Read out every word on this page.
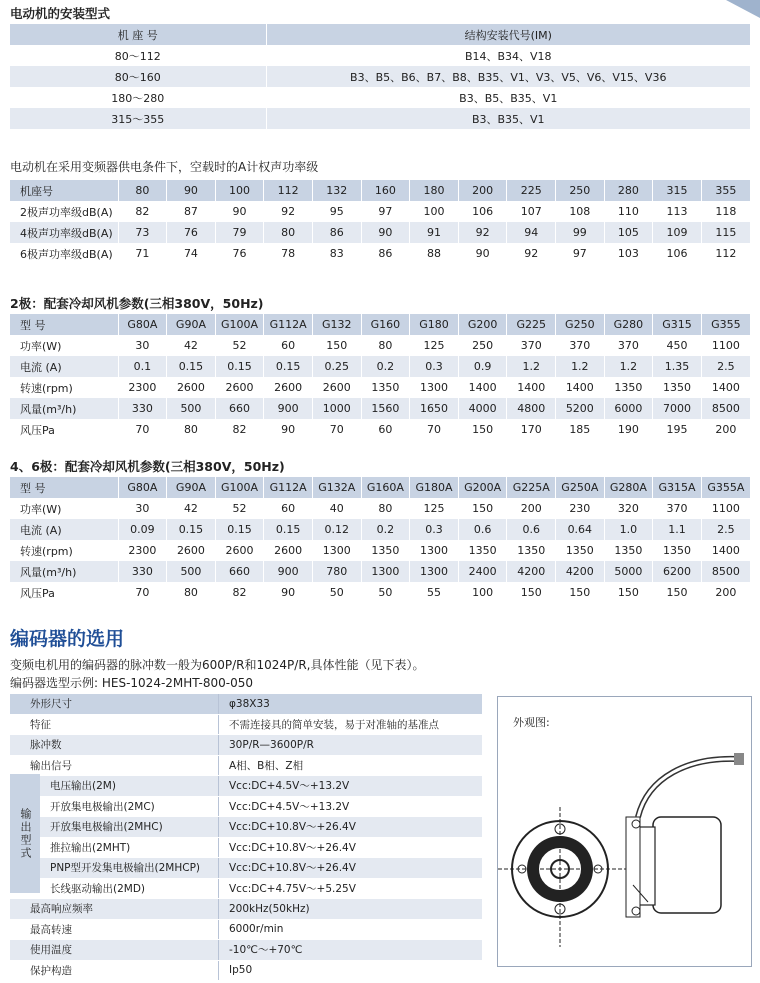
电动机的安装型式
机 座 号	结构安装代号(IM)
80～112	B14、B34、V18
80～160	B3、B5、B6、B7、B8、B35、V1、V3、V5、V6、V15、V36
180～280	B3、B5、B35、V1
315～355	B3、B35、V1
电动机在采用变频器供电条件下，空载时的A计权声功率级
机座号	80	90	100	112	132	160	180	200	225	250	280	315	355
2极声功率级dB(A)	82	87	90	92	95	97	100	106	107	108	110	113	118
4极声功率级dB(A)	73	76	79	80	86	90	91	92	94	99	105	109	115
6极声功率级dB(A)	71	74	76	78	83	86	88	90	92	97	103	106	112
2极：配套冷却风机参数(三相380V，50Hz)
型 号	G80A	G90A	G100A	G112A	G132	G160	G180	G200	G225	G250	G280	G315	G355
功率(W)	30	42	52	60	150	80	125	250	370	370	370	450	1100
电流 (A)	0.1	0.15	0.15	0.15	0.25	0.2	0.3	0.9	1.2	1.2	1.2	1.35	2.5
转速(rpm)	2300	2600	2600	2600	2600	1350	1300	1400	1400	1400	1350	1350	1400
风量(m³/h)	330	500	660	900	1000	1560	1650	4000	4800	5200	6000	7000	8500
风压Pa	70	80	82	90	70	60	70	150	170	185	190	195	200
4、6极：配套冷却风机参数(三相380V，50Hz)
型 号	G80A	G90A	G100A	G112A	G132A	G160A	G180A	G200A	G225A	G250A	G280A	G315A	G355A
功率(W)	30	42	52	60	40	80	125	150	200	230	320	370	1100
电流 (A)	0.09	0.15	0.15	0.15	0.12	0.2	0.3	0.6	0.6	0.64	1.0	1.1	2.5
转速(rpm)	2300	2600	2600	2600	1300	1350	1300	1350	1350	1350	1350	1350	1400
风量(m³/h)	330	500	660	900	780	1300	1300	2400	4200	4200	5000	6200	8500
风压Pa	70	80	82	90	50	50	55	100	150	150	150	150	200
编码器的选用
变频电机用的编码器的脉冲数一般为600P/R和1024P/R,具体性能（见下表）。
编码器选型示例: HES-1024-2MHT-800-050
外形尺寸	φ38X33
特征	不需连接具的简单安装，易于对准轴的基准点
脉冲数	30P/R—3600P/R
输出信号	A相、B相、Z相
电压输出(2M)	Vcc:DC+4.5V～+13.2V
开放集电极输出(2MC)	Vcc:DC+4.5V～+13.2V
开放集电极输出(2MHC)	Vcc:DC+10.8V～+26.4V
推拉输出(2MHT)	Vcc:DC+10.8V～+26.4V
PNP型开发集电极输出(2MHCP)	Vcc:DC+10.8V～+26.4V
长线驱动输出(2MD)	Vcc:DC+4.75V～+5.25V
最高响应频率	200kHz(50kHz)
最高转速	6000r/min
使用温度	-10℃～+70℃
保护构造	Ip50
输出型式
外观图:
